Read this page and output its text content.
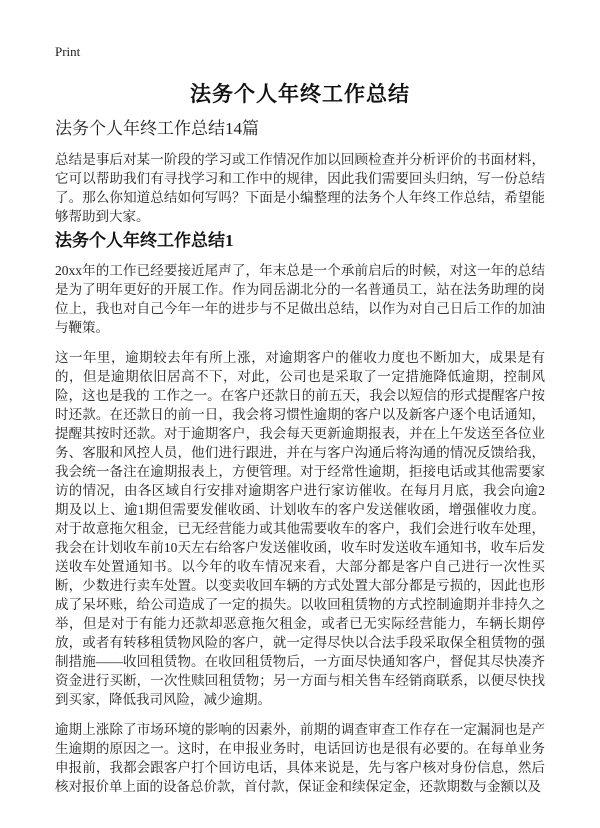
Print
法务个人年终工作总结
法务个人年终工作总结14篇

总结是事后对某一阶段的学习或工作情况作加以回顾检查并分析评价的书面材料，它可以帮助我们有寻找学习和工作中的规律，因此我们需要回头归纳，写一份总结了。那么你知道总结如何写吗？下面是小编整理的法务个人年终工作总结，希望能够帮助到大家。

法务个人年终工作总结1

20xx年的工作已经要接近尾声了，年末总是一个承前启后的时候，对这一年的总结是为了明年更好的开展工作。作为同岳湖北分的一名普通员工，站在法务助理的岗位上，我也对自己今年一年的进步与不足做出总结，以作为对自己日后工作的加油与鞭策。

这一年里，逾期较去年有所上涨，对逾期客户的催收力度也不断加大，成果是有的，但是逾期依旧居高不下，对此，公司也是采取了一定措施降低逾期，控制风险，这也是我的 工作之一。在客户还款日的前五天，我会以短信的形式提醒客户按时还款。在还款日的前一日，我会将习惯性逾期的客户以及新客户逐个电话通知，提醒其按时还款。对于逾期客户，我会每天更新逾期报表，并在上午发送至各位业务、客服和风控人员，他们进行跟进，并在与客户沟通后将沟通的情况反馈给我，我会统一备注在逾期报表上，方便管理。对于经常性逾期，拒接电话或其他需要家访的情况，由各区域自行安排对逾期客户进行家访催收。在每月月底，我会向逾2期及以上、逾1期但需要发催收函、计划收车的客户发送催收函，增强催收力度。对于故意拖欠租金，已无经营能力或其他需要收车的客户，我们会进行收车处理，我会在计划收车前10天左右给客户发送催收函，收车时发送收车通知书，收车后发送收车处置通知书。以今年的收车情况来看，大部分都是客户自己进行一次性买断，少数进行卖车处置。以变卖收回车辆的方式处置大部分都是亏损的，因此也形成了呆坏账，给公司造成了一定的损失。以收回租赁物的方式控制逾期并非持久之举，但是对于有能力还款却恶意拖欠租金，或者已无实际经营能力，车辆长期停放，或者有转移租赁物风险的客户，就一定得尽快以合法手段采取保全租赁物的强制措施——收回租赁物。在收回租赁物后，一方面尽快通知客户，督促其尽快凑齐资金进行买断，一次性赎回租赁物；另一方面与相关售车经销商联系，以便尽快找到买家，降低我司风险，减少逾期。

逾期上涨除了市场环境的影响的因素外，前期的调查审查工作存在一定漏洞也是产生逾期的原因之一。这时，在申报业务时，电话回访也是很有必要的。在每单业务申报前，我都会跟客户打个回访电话，具体来说是，先与客户核对身份信息，然后核对报价单上面的设备总价款，首付款，保证金和续保定金，还款期数与金额以及
